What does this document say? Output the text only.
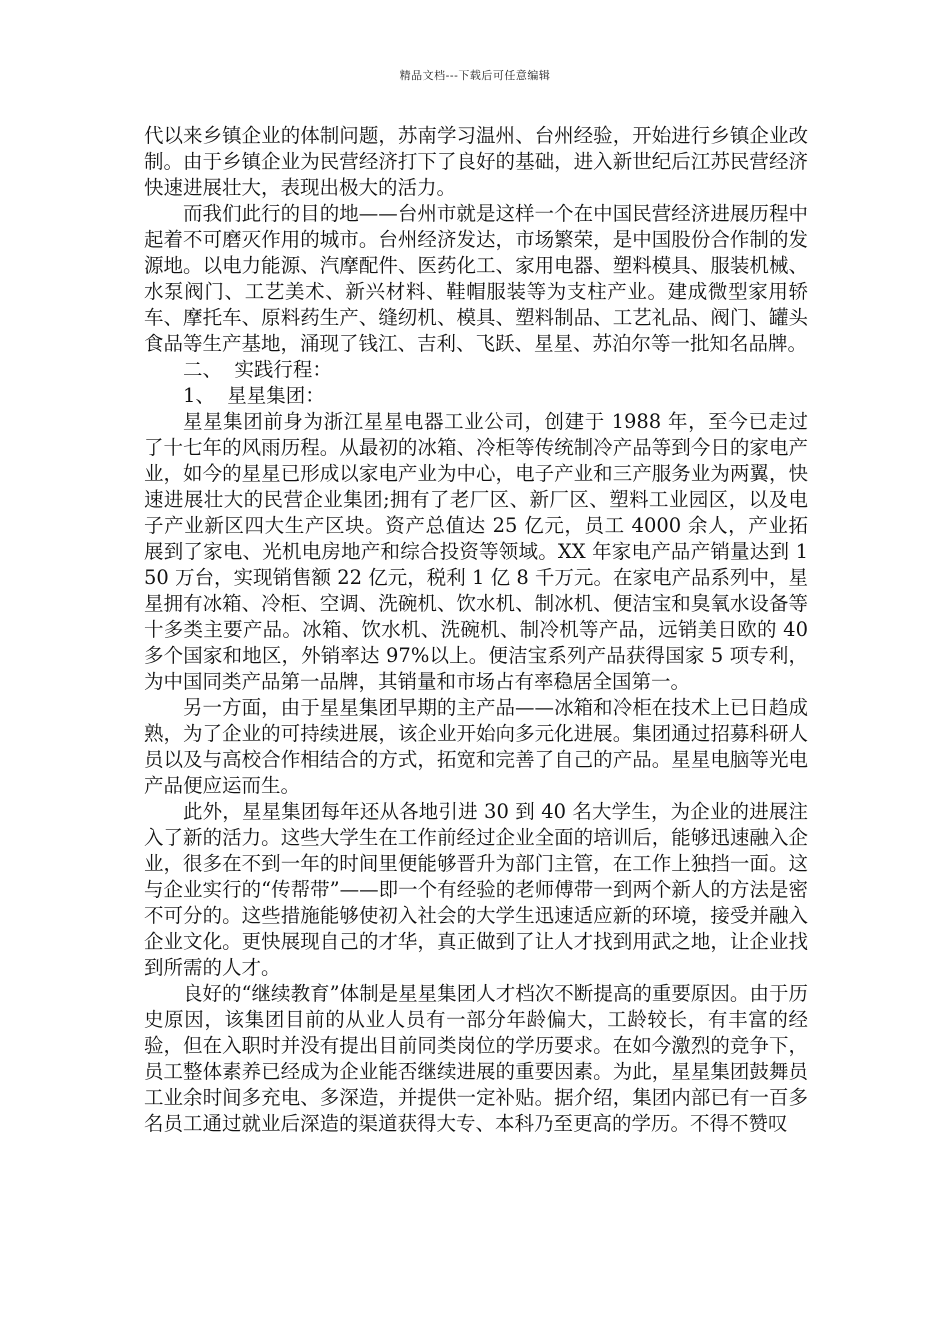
精品文档---下载后可任意编辑

代以来乡镇企业的体制问题，苏南学习温州、台州经验，开始进行乡镇企业改制。由于乡镇企业为民营经济打下了良好的基础，进入新世纪后江苏民营经济快速进展壮大，表现出极大的活力。

而我们此行的目的地——台州市就是这样一个在中国民营经济进展历程中起着不可磨灭作用的城市。台州经济发达，市场繁荣，是中国股份合作制的发源地。以电力能源、汽摩配件、医药化工、家用电器、塑料模具、服装机械、水泵阀门、工艺美术、新兴材料、鞋帽服装等为支柱产业。建成微型家用轿车、摩托车、原料药生产、缝纫机、模具、塑料制品、工艺礼品、阀门、罐头食品等生产基地，涌现了钱江、吉利、飞跃、星星、苏泊尔等一批知名品牌。

二、  实践行程：

1、  星星集团：

星星集团前身为浙江星星电器工业公司，创建于 1988 年，至今已走过了十七年的风雨历程。从最初的冰箱、冷柜等传统制冷产品等到今日的家电产业，如今的星星已形成以家电产业为中心，电子产业和三产服务业为两翼，快速进展壮大的民营企业集团;拥有了老厂区、新厂区、塑料工业园区，以及电子产业新区四大生产区块。资产总值达 25 亿元，员工 4000 余人，产业拓展到了家电、光机电房地产和综合投资等领域。XX 年家电产品产销量达到 150 万台，实现销售额 22 亿元，税利 1 亿 8 千万元。在家电产品系列中，星星拥有冰箱、冷柜、空调、洗碗机、饮水机、制冰机、便洁宝和臭氧水设备等十多类主要产品。冰箱、饮水机、洗碗机、制冷机等产品，远销美日欧的 40 多个国家和地区，外销率达 97%以上。便洁宝系列产品获得国家 5 项专利，为中国同类产品第一品牌，其销量和市场占有率稳居全国第一。

另一方面，由于星星集团早期的主产品——冰箱和冷柜在技术上已日趋成熟，为了企业的可持续进展，该企业开始向多元化进展。集团通过招募科研人员以及与高校合作相结合的方式，拓宽和完善了自己的产品。星星电脑等光电产品便应运而生。

此外，星星集团每年还从各地引进 30 到 40 名大学生，为企业的进展注入了新的活力。这些大学生在工作前经过企业全面的培训后，能够迅速融入企业，很多在不到一年的时间里便能够晋升为部门主管，在工作上独挡一面。这与企业实行的“传帮带”——即一个有经验的老师傅带一到两个新人的方法是密不可分的。这些措施能够使初入社会的大学生迅速适应新的环境，接受并融入企业文化。更快展现自己的才华，真正做到了让人才找到用武之地，让企业找到所需的人才。

良好的“继续教育”体制是星星集团人才档次不断提高的重要原因。由于历史原因，该集团目前的从业人员有一部分年龄偏大，工龄较长，有丰富的经验，但在入职时并没有提出目前同类岗位的学历要求。在如今激烈的竞争下，员工整体素养已经成为企业能否继续进展的重要因素。为此，星星集团鼓舞员工业余时间多充电、多深造，并提供一定补贴。据介绍，集团内部已有一百多名员工通过就业后深造的渠道获得大专、本科乃至更高的学历。不得不赞叹
